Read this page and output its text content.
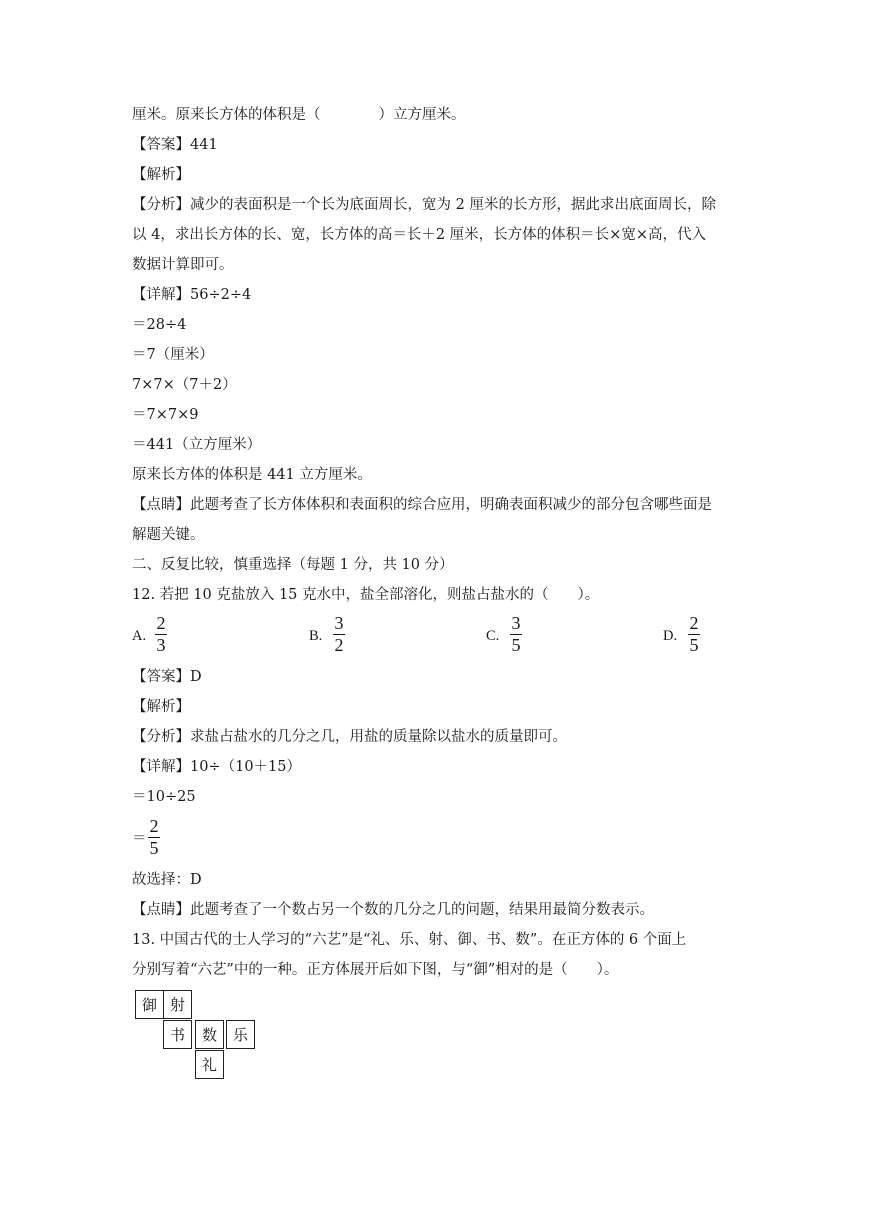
厘米。原来长方体的体积是（　　　　）立方厘米。
【答案】441
【解析】
【分析】减少的表面积是一个长为底面周长，宽为 2 厘米的长方形，据此求出底面周长，除
以 4，求出长方体的长、宽，长方体的高＝长＋2 厘米，长方体的体积＝长×宽×高，代入
数据计算即可。
【详解】56÷2÷4
＝28÷4
＝7（厘米）
7×7×（7＋2）
＝7×7×9
＝441（立方厘米）
原来长方体的体积是 441 立方厘米。
【点睛】此题考查了长方体体积和表面积的综合应用，明确表面积减少的部分包含哪些面是
解题关键。
二、反复比较，慎重选择（每题 1 分，共 10 分）
12. 若把 10 克盐放入 15 克水中，盐全部溶化，则盐占盐水的（　　）。
A.
2
3	B.
3
2	C.
3
5	D.
2
5
【答案】D
【解析】
【分析】求盐占盐水的几分之几，用盐的质量除以盐水的质量即可。
【详解】10÷（10＋15）
＝10÷25
＝
2
5
故选择：D
【点睛】此题考查了一个数占另一个数的几分之几的问题，结果用最简分数表示。
13. 中国古代的士人学习的“六艺”是“礼、乐、射、御、书、数”。在正方体的 6 个面上
分别写着“六艺”中的一种。正方体展开后如下图，与“御”相对的是（　　）。
御 射
书	数	乐
礼
